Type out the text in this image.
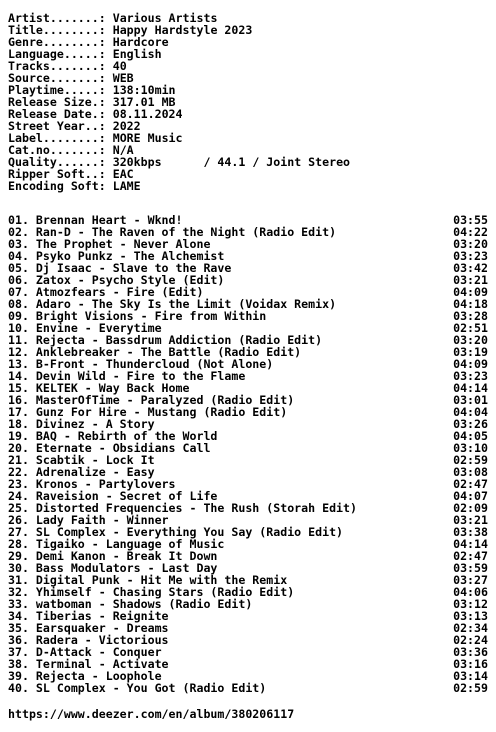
Artist.......: Various Artists
Title........: Happy Hardstyle 2023
Genre........: Hardcore
Language.....: English
Tracks.......: 40
Source.......: WEB
Playtime.....: 138:10min
Release Size.: 317.01 MB
Release Date.: 08.11.2024
Street Year..: 2022
Label........: MORE Music
Cat.no.......: N/A
Quality......: 320kbps      / 44.1 / Joint Stereo
Ripper Soft..: EAC
Encoding Soft: LAME
01. Brennan Heart - Wknd!	03:55
02. Ran-D - The Raven of the Night (Radio Edit)	04:22
03. The Prophet - Never Alone	03:20
04. Psyko Punkz - The Alchemist	03:23
05. Dj Isaac - Slave to the Rave	03:42
06. Zatox - Psycho Style (Edit)	03:21
07. Atmozfears - Fire (Edit)	04:09
08. Adaro - The Sky Is the Limit (Voidax Remix)	04:18
09. Bright Visions - Fire from Within	03:28
10. Envine - Everytime	02:51
11. Rejecta - Bassdrum Addiction (Radio Edit)	03:20
12. Anklebreaker - The Battle (Radio Edit)	03:19
13. B-Front - Thundercloud (Not Alone)	04:09
14. Devin Wild - Fire to the Flame	03:23
15. KELTEK - Way Back Home	04:14
16. MasterOfTime - Paralyzed (Radio Edit)	03:01
17. Gunz For Hire - Mustang (Radio Edit)	04:04
18. Divinez - A Story	03:26
19. BAQ - Rebirth of the World	04:05
20. Eternate - Obsidians Call	03:10
21. Scabtik - Lock It	02:59
22. Adrenalize - Easy	03:08
23. Kronos - Partylovers	02:47
24. Raveision - Secret of Life	04:07
25. Distorted Frequencies - The Rush (Storah Edit)	02:09
26. Lady Faith - Winner	03:21
27. SL Complex - Everything You Say (Radio Edit)	03:38
28. Tigaiko - Language of Music	04:14
29. Demi Kanon - Break It Down	02:47
30. Bass Modulators - Last Day	03:59
31. Digital Punk - Hit Me with the Remix	03:27
32. Yhimself - Chasing Stars (Radio Edit)	04:06
33. watboman - Shadows (Radio Edit)	03:12
34. Tiberias - Reignite	03:13
35. Earsquaker - Dreams	02:34
36. Radera - Victorious	02:24
37. D-Attack - Conquer	03:36
38. Terminal - Activate	03:16
39. Rejecta - Loophole	03:14
40. SL Complex - You Got (Radio Edit)	02:59
https://www.deezer.com/en/album/380206117
